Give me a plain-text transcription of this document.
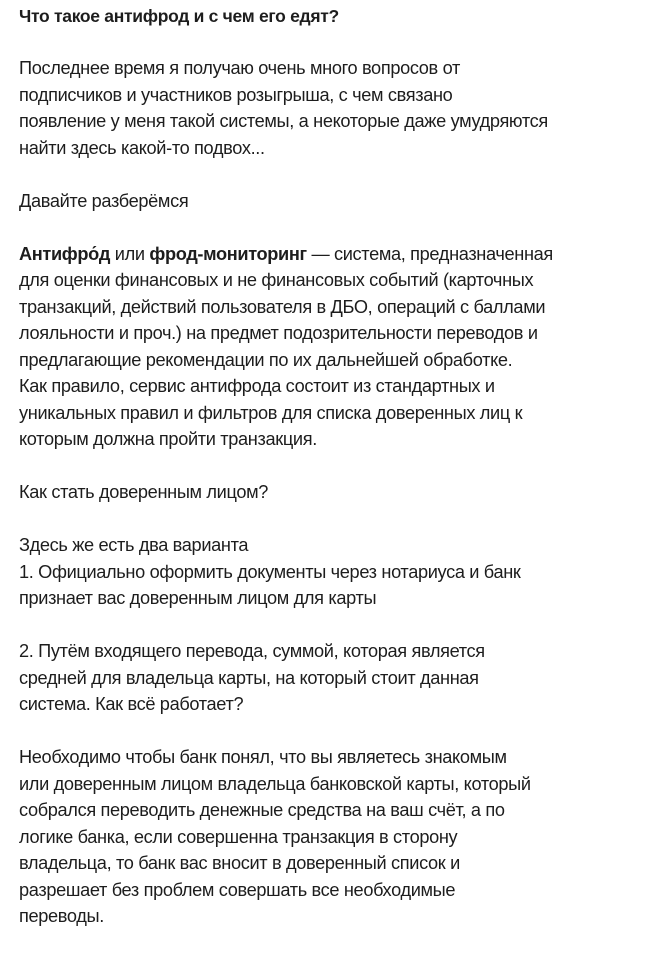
Что такое антифрод и с чем его едят?
Последнее время я получаю очень много вопросов от
подписчиков и участников розыгрыша, с чем связано
появление у меня такой системы, а некоторые даже умудряются
найти здесь какой-то подвох...
Давайте разберёмся
Антифро́д или фрод-мониторинг — система, предназначенная
для оценки финансовых и не финансовых событий (карточных
транзакций, действий пользователя в ДБО, операций с баллами
лояльности и проч.) на предмет подозрительности переводов и
предлагающие рекомендации по их дальнейшей обработке.
Как правило, сервис антифрода состоит из стандартных и
уникальных правил и фильтров для списка доверенных лиц к
которым должна пройти транзакция.
Как стать доверенным лицом?
Здесь же есть два варианта
1. Официально оформить документы через нотариуса и банк
признает вас доверенным лицом для карты
2. Путём входящего перевода, суммой, которая является
средней для владельца карты, на который стоит данная
система. Как всё работает?
Необходимо чтобы банк понял, что вы являетесь знакомым
или доверенным лицом владельца банковской карты, который
собрался переводить денежные средства на ваш счёт, а по
логике банка, если совершенна транзакция в сторону
владельца, то банк вас вносит в доверенный список и
разрешает без проблем совершать все необходимые
переводы.
